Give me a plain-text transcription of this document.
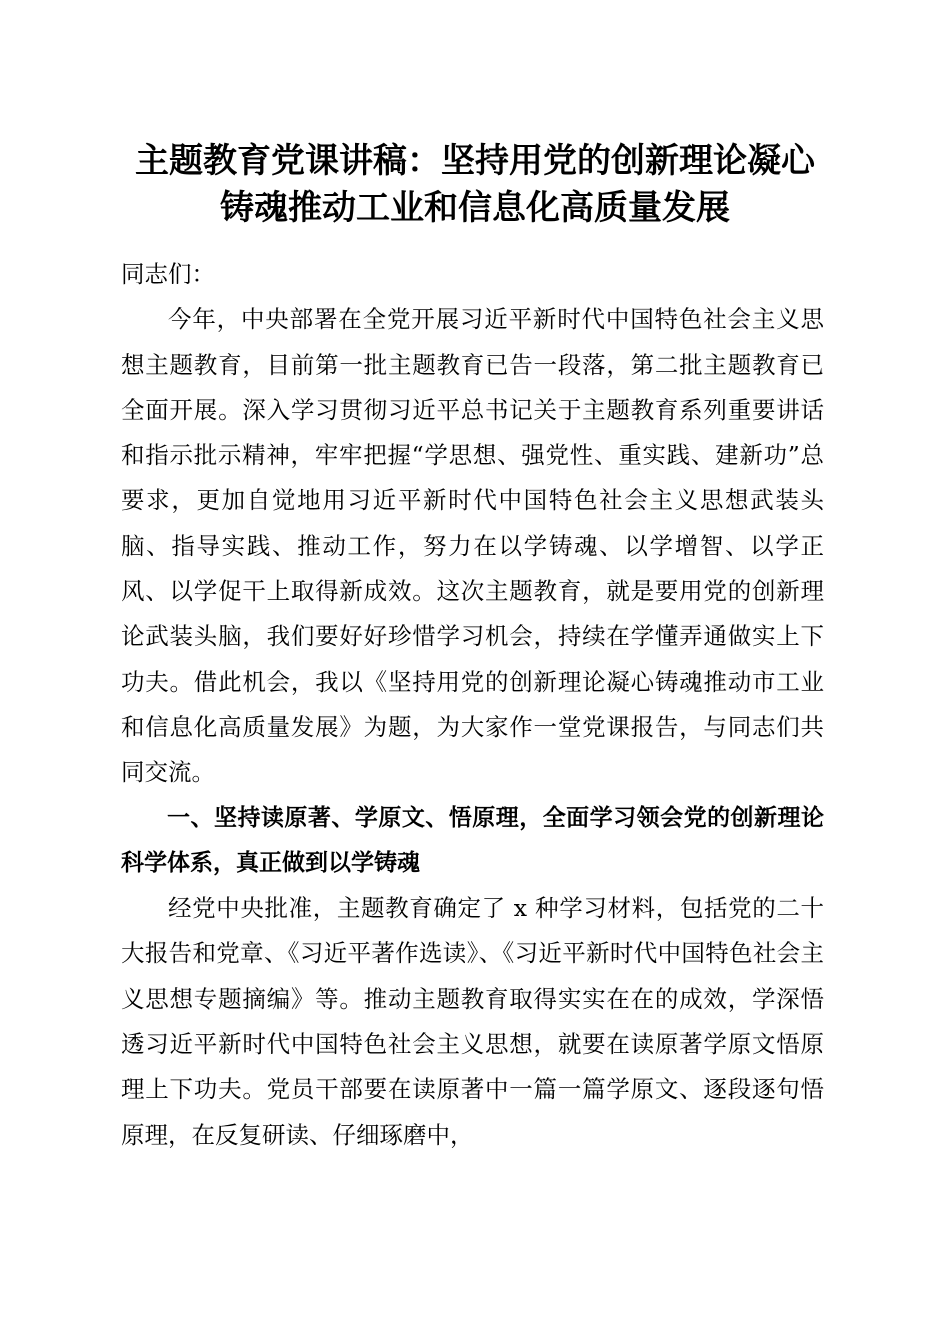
主题教育党课讲稿：坚持用党的创新理论凝心
铸魂推动工业和信息化高质量发展

同志们：

今年，中央部署在全党开展习近平新时代中国特色社会主义思想主题教育，目前第一批主题教育已告一段落，第二批主题教育已全面开展。深入学习贯彻习近平总书记关于主题教育系列重要讲话和指示批示精神，牢牢把握“学思想、强党性、重实践、建新功”总要求，更加自觉地用习近平新时代中国特色社会主义思想武装头脑、指导实践、推动工作，努力在以学铸魂、以学增智、以学正风、以学促干上取得新成效。这次主题教育，就是要用党的创新理论武装头脑，我们要好好珍惜学习机会，持续在学懂弄通做实上下功夫。借此机会，我以《坚持用党的创新理论凝心铸魂推动市工业和信息化高质量发展》为题，为大家作一堂党课报告，与同志们共同交流。

一、坚持读原著、学原文、悟原理，全面学习领会党的创新理论科学体系，真正做到以学铸魂

经党中央批准，主题教育确定了 x 种学习材料，包括党的二十大报告和党章、《习近平著作选读》、《习近平新时代中国特色社会主义思想专题摘编》等。推动主题教育取得实实在在的成效，学深悟透习近平新时代中国特色社会主义思想，就要在读原著学原文悟原理上下功夫。党员干部要在读原著中一篇一篇学原文、逐段逐句悟原理，在反复研读、仔细琢磨中，
